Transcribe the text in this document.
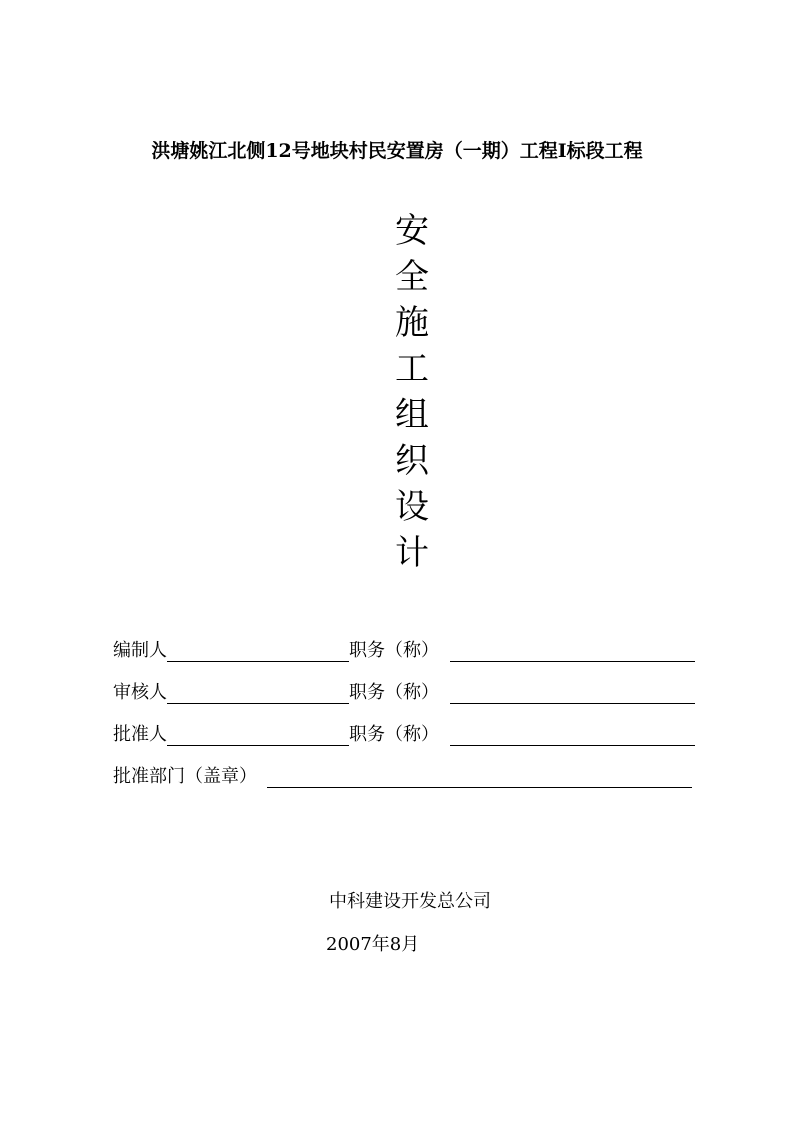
洪塘姚江北侧12号地块村民安置房（一期）工程Ⅰ标段工程
安
全
施
工
组
织
设
计
编制人	职务（称）
审核人	职务（称）
批准人	职务（称）
批准部门（盖章）
中科建设开发总公司
2007年8月
